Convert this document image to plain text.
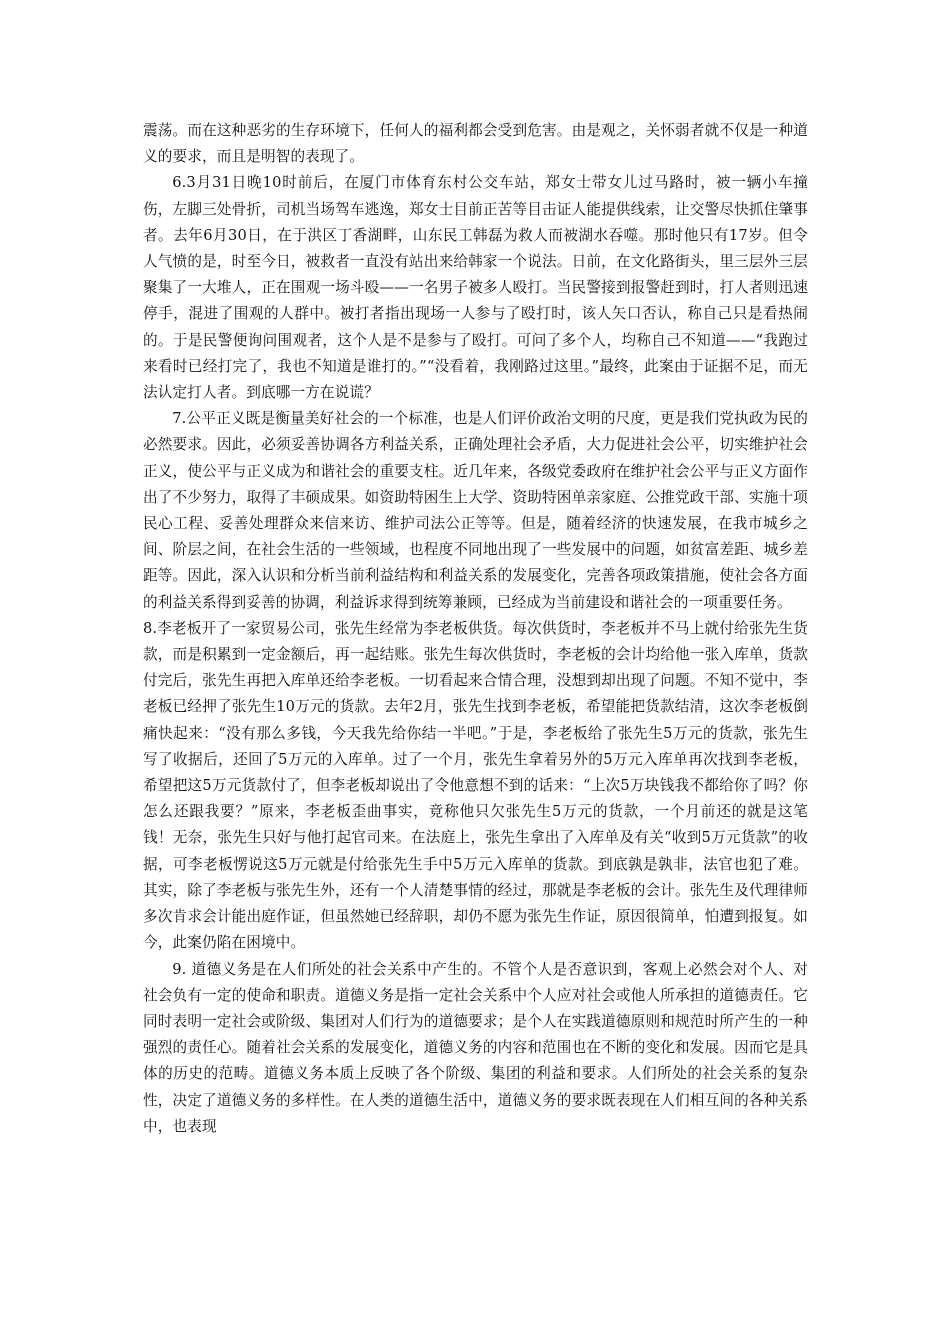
震荡。而在这种恶劣的生存环境下，任何人的福利都会受到危害。由是观之，关怀弱者就不仅是一种道义的要求，而且是明智的表现了。

6.3月31日晚10时前后，在厦门市体育东村公交车站，郑女士带女儿过马路时，被一辆小车撞伤，左脚三处骨折，司机当场驾车逃逸，郑女士目前正苦等目击证人能提供线索，让交警尽快抓住肇事者。去年6月30日，在于洪区丁香湖畔，山东民工韩磊为救人而被湖水吞噬。那时他只有17岁。但令人气愤的是，时至今日，被救者一直没有站出来给韩家一个说法。日前，在文化路街头，里三层外三层聚集了一大堆人，正在围观一场斗殴——一名男子被多人殴打。当民警接到报警赶到时，打人者则迅速停手，混进了围观的人群中。被打者指出现场一人参与了殴打时，该人矢口否认，称自己只是看热闹的。于是民警便询问围观者，这个人是不是参与了殴打。可问了多个人，均称自己不知道——“我跑过来看时已经打完了，我也不知道是谁打的。”“没看着，我刚路过这里。”最终，此案由于证据不足，而无法认定打人者。到底哪一方在说谎？

7.公平正义既是衡量美好社会的一个标准，也是人们评价政治文明的尺度，更是我们党执政为民的必然要求。因此，必须妥善协调各方利益关系，正确处理社会矛盾，大力促进社会公平，切实维护社会正义，使公平与正义成为和谐社会的重要支柱。近几年来，各级党委政府在维护社会公平与正义方面作出了不少努力，取得了丰硕成果。如资助特困生上大学、资助特困单亲家庭、公推党政干部、实施十项民心工程、妥善处理群众来信来访、维护司法公正等等。但是，随着经济的快速发展，在我市城乡之间、阶层之间，在社会生活的一些领域，也程度不同地出现了一些发展中的问题，如贫富差距、城乡差距等。因此，深入认识和分析当前利益结构和利益关系的发展变化，完善各项政策措施，使社会各方面的利益关系得到妥善的协调，利益诉求得到统筹兼顾，已经成为当前建设和谐社会的一项重要任务。

8.李老板开了一家贸易公司，张先生经常为李老板供货。每次供货时，李老板并不马上就付给张先生货款，而是积累到一定金额后，再一起结账。张先生每次供货时，李老板的会计均给他一张入库单，货款付完后，张先生再把入库单还给李老板。一切看起来合情合理，没想到却出现了问题。不知不觉中，李老板已经押了张先生10万元的货款。去年2月，张先生找到李老板，希望能把货款结清，这次李老板倒痛快起来：“没有那么多钱，今天我先给你结一半吧。”于是，李老板给了张先生5万元的货款，张先生写了收据后，还回了5万元的入库单。过了一个月，张先生拿着另外的5万元入库单再次找到李老板，希望把这5万元货款付了，但李老板却说出了令他意想不到的话来：“上次5万块钱我不都给你了吗？你怎么还跟我要？”原来，李老板歪曲事实，竟称他只欠张先生5万元的货款，一个月前还的就是这笔钱！无奈，张先生只好与他打起官司来。在法庭上，张先生拿出了入库单及有关“收到5万元货款”的收据，可李老板愣说这5万元就是付给张先生手中5万元入库单的货款。到底孰是孰非，法官也犯了难。其实，除了李老板与张先生外，还有一个人清楚事情的经过，那就是李老板的会计。张先生及代理律师多次肯求会计能出庭作证，但虽然她已经辞职，却仍不愿为张先生作证，原因很简单，怕遭到报复。如今，此案仍陷在困境中。

9. 道德义务是在人们所处的社会关系中产生的。不管个人是否意识到，客观上必然会对个人、对社会负有一定的使命和职责。道德义务是指一定社会关系中个人应对社会或他人所承担的道德责任。它同时表明一定社会或阶级、集团对人们行为的道德要求；是个人在实践道德原则和规范时所产生的一种强烈的责任心。随着社会关系的发展变化，道德义务的内容和范围也在不断的变化和发展。因而它是具体的历史的范畴。道德义务本质上反映了各个阶级、集团的利益和要求。人们所处的社会关系的复杂性，决定了道德义务的多样性。在人类的道德生活中，道德义务的要求既表现在人们相互间的各种关系中，也表现
